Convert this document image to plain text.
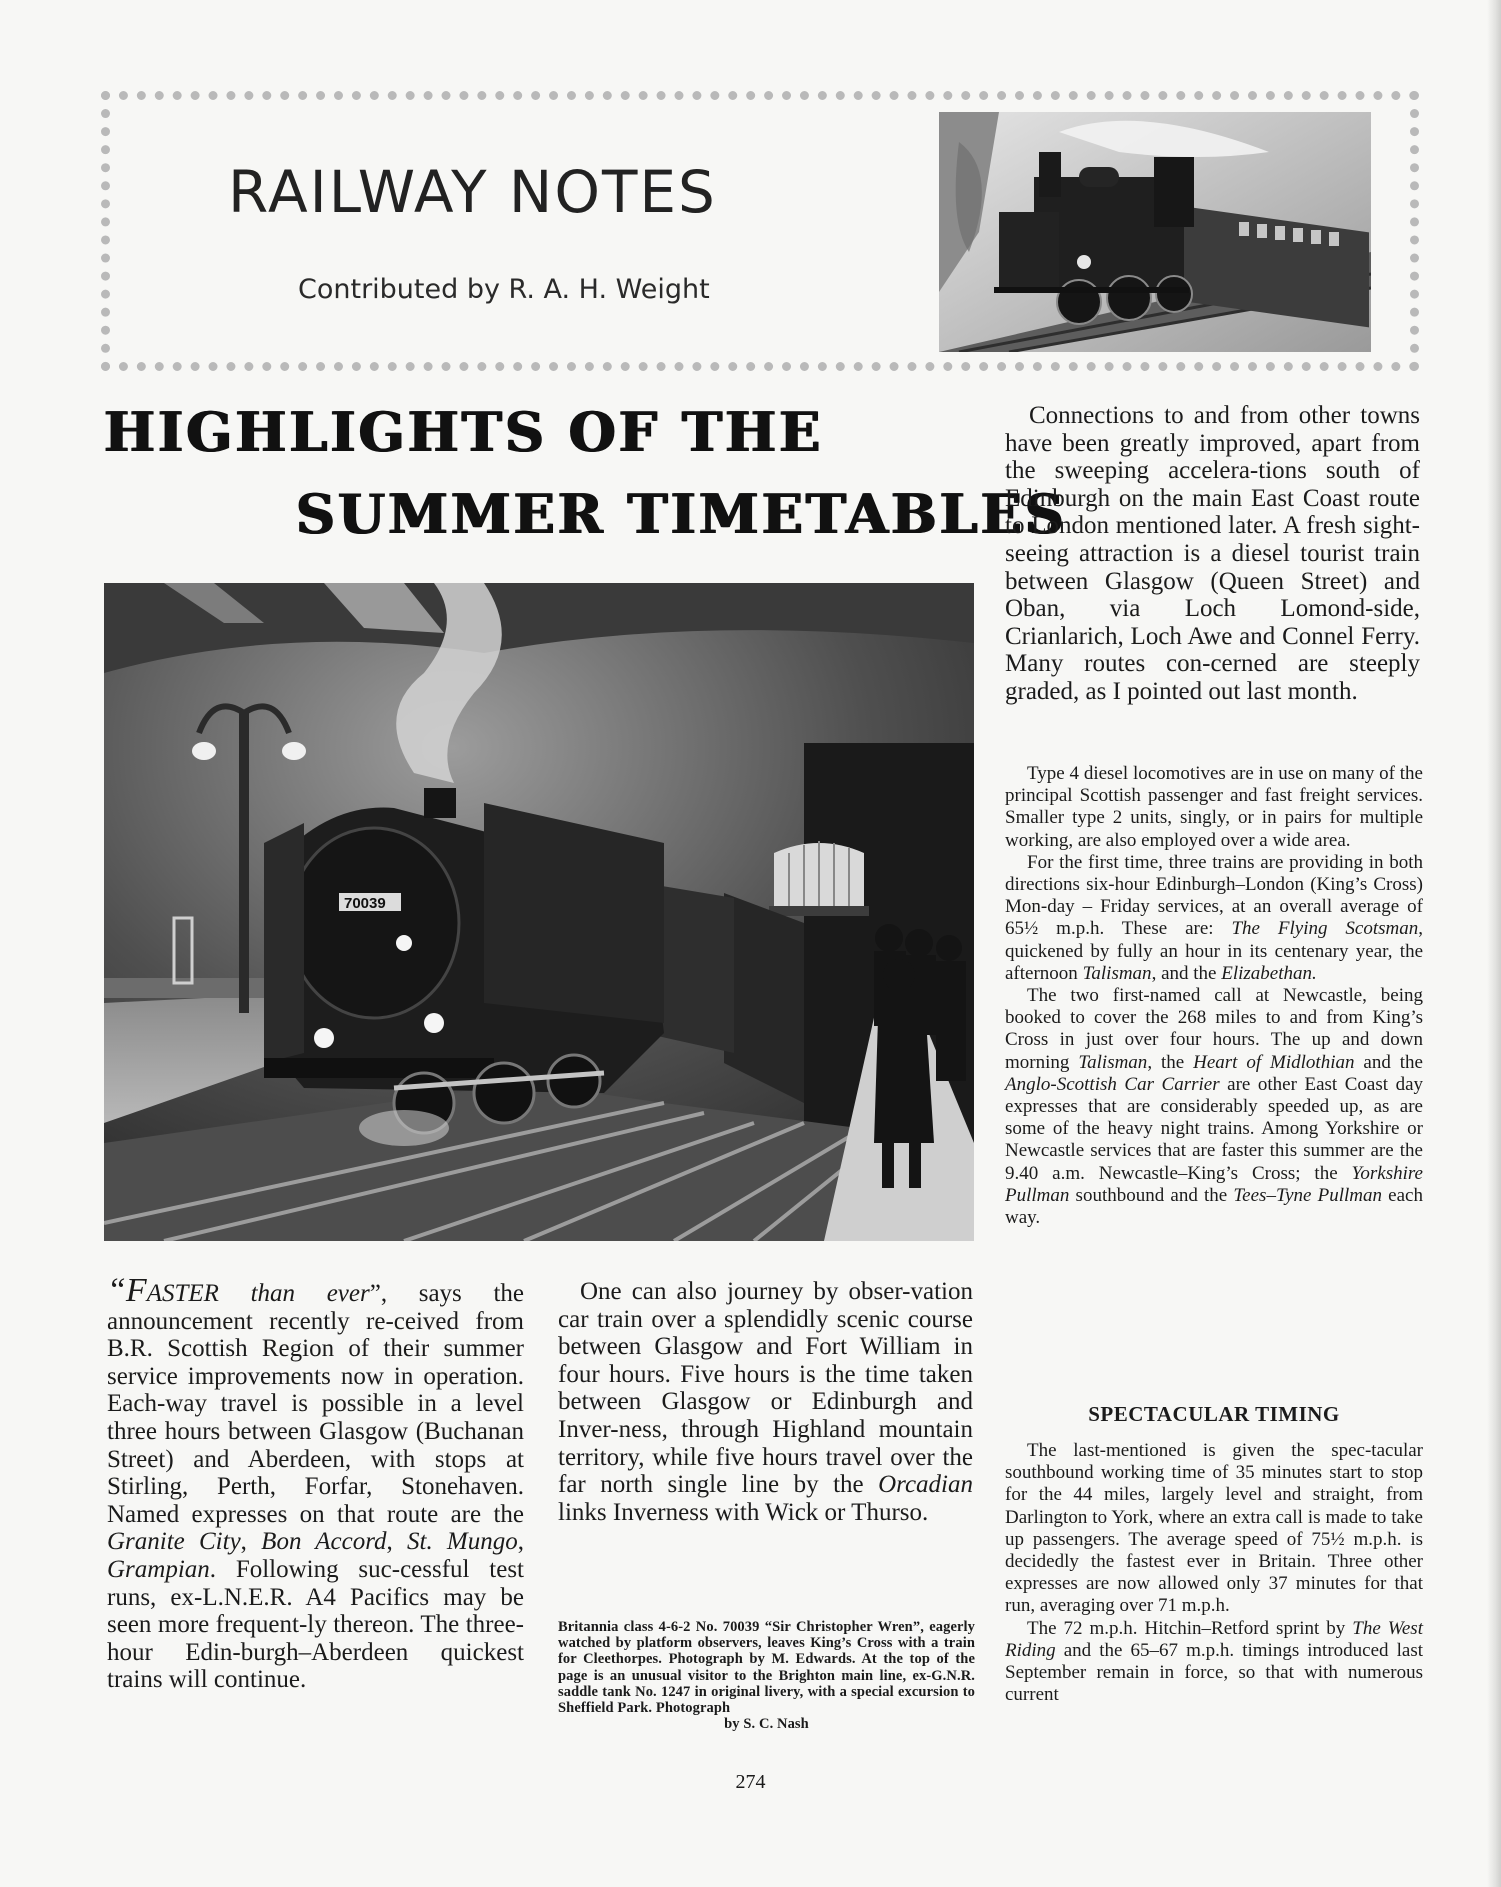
RAILWAY NOTES

Contributed by R. A. H. Weight

HIGHLIGHTS OF THE
SUMMER TIMETABLES
70039

“FASTER than ever”, says the announcement recently re-ceived from B.R. Scottish Region of their summer service improvements now in operation. Each-way travel is possible in a level three hours between Glasgow (Buchanan Street) and Aberdeen, with stops at Stirling, Perth, Forfar, Stonehaven. Named expresses on that route are the Granite City, Bon Accord, St. Mungo, Grampian. Following suc-cessful test runs, ex-L.N.E.R. A4 Pacifics may be seen more frequent-ly thereon. The three-hour Edin-burgh–Aberdeen quickest trains will continue.

One can also journey by obser-vation car train over a splendidly scenic course between Glasgow and Fort William in four hours. Five hours is the time taken between Glasgow or Edinburgh and Inver-ness, through Highland mountain territory, while five hours travel over the far north single line by the Orcadian links Inverness with Wick or Thurso.

Britannia class 4-6-2 No. 70039 “Sir Christopher Wren”, eagerly watched by platform observers, leaves King’s Cross with a train for Cleethorpes. Photograph by M. Edwards. At the top of the page is an unusual visitor to the Brighton main line, ex-G.N.R. saddle tank No. 1247 in original livery, with a special excursion to Sheffield Park. Photograph
by S. C. Nash

Connections to and from other towns have been greatly improved, apart from the sweeping accelera-tions south of Edinburgh on the main East Coast route to London mentioned later. A fresh sight-seeing attraction is a diesel tourist train between Glasgow (Queen Street) and Oban, via Loch Lomond-side, Crianlarich, Loch Awe and Connel Ferry. Many routes con-cerned are steeply graded, as I pointed out last month.

Type 4 diesel locomotives are in use on many of the principal Scottish passenger and fast freight services. Smaller type 2 units, singly, or in pairs for multiple working, are also employed over a wide area.

For the first time, three trains are providing in both directions six-hour Edinburgh–London (King’s Cross) Mon-day – Friday services, at an overall average of 65½ m.p.h. These are: The Flying Scotsman, quickened by fully an hour in its centenary year, the afternoon Talisman, and the Elizabethan.

The two first-named call at Newcastle, being booked to cover the 268 miles to and from King’s Cross in just over four hours. The up and down morning Talisman, the Heart of Midlothian and the Anglo-Scottish Car Carrier are other East Coast day expresses that are considerably speeded up, as are some of the heavy night trains. Among Yorkshire or Newcastle services that are faster this summer are the 9.40 a.m. Newcastle–King’s Cross; the Yorkshire Pullman southbound and the Tees–Tyne Pullman each way.

SPECTACULAR TIMING

The last-mentioned is given the spec-tacular southbound working time of 35 minutes start to stop for the 44 miles, largely level and straight, from Darlington to York, where an extra call is made to take up passengers. The average speed of 75½ m.p.h. is decidedly the fastest ever in Britain. Three other expresses are now allowed only 37 minutes for that run, averaging over 71 m.p.h.

The 72 m.p.h. Hitchin–Retford sprint by The West Riding and the 65–67 m.p.h. timings introduced last September remain in force, so that with numerous current

274
